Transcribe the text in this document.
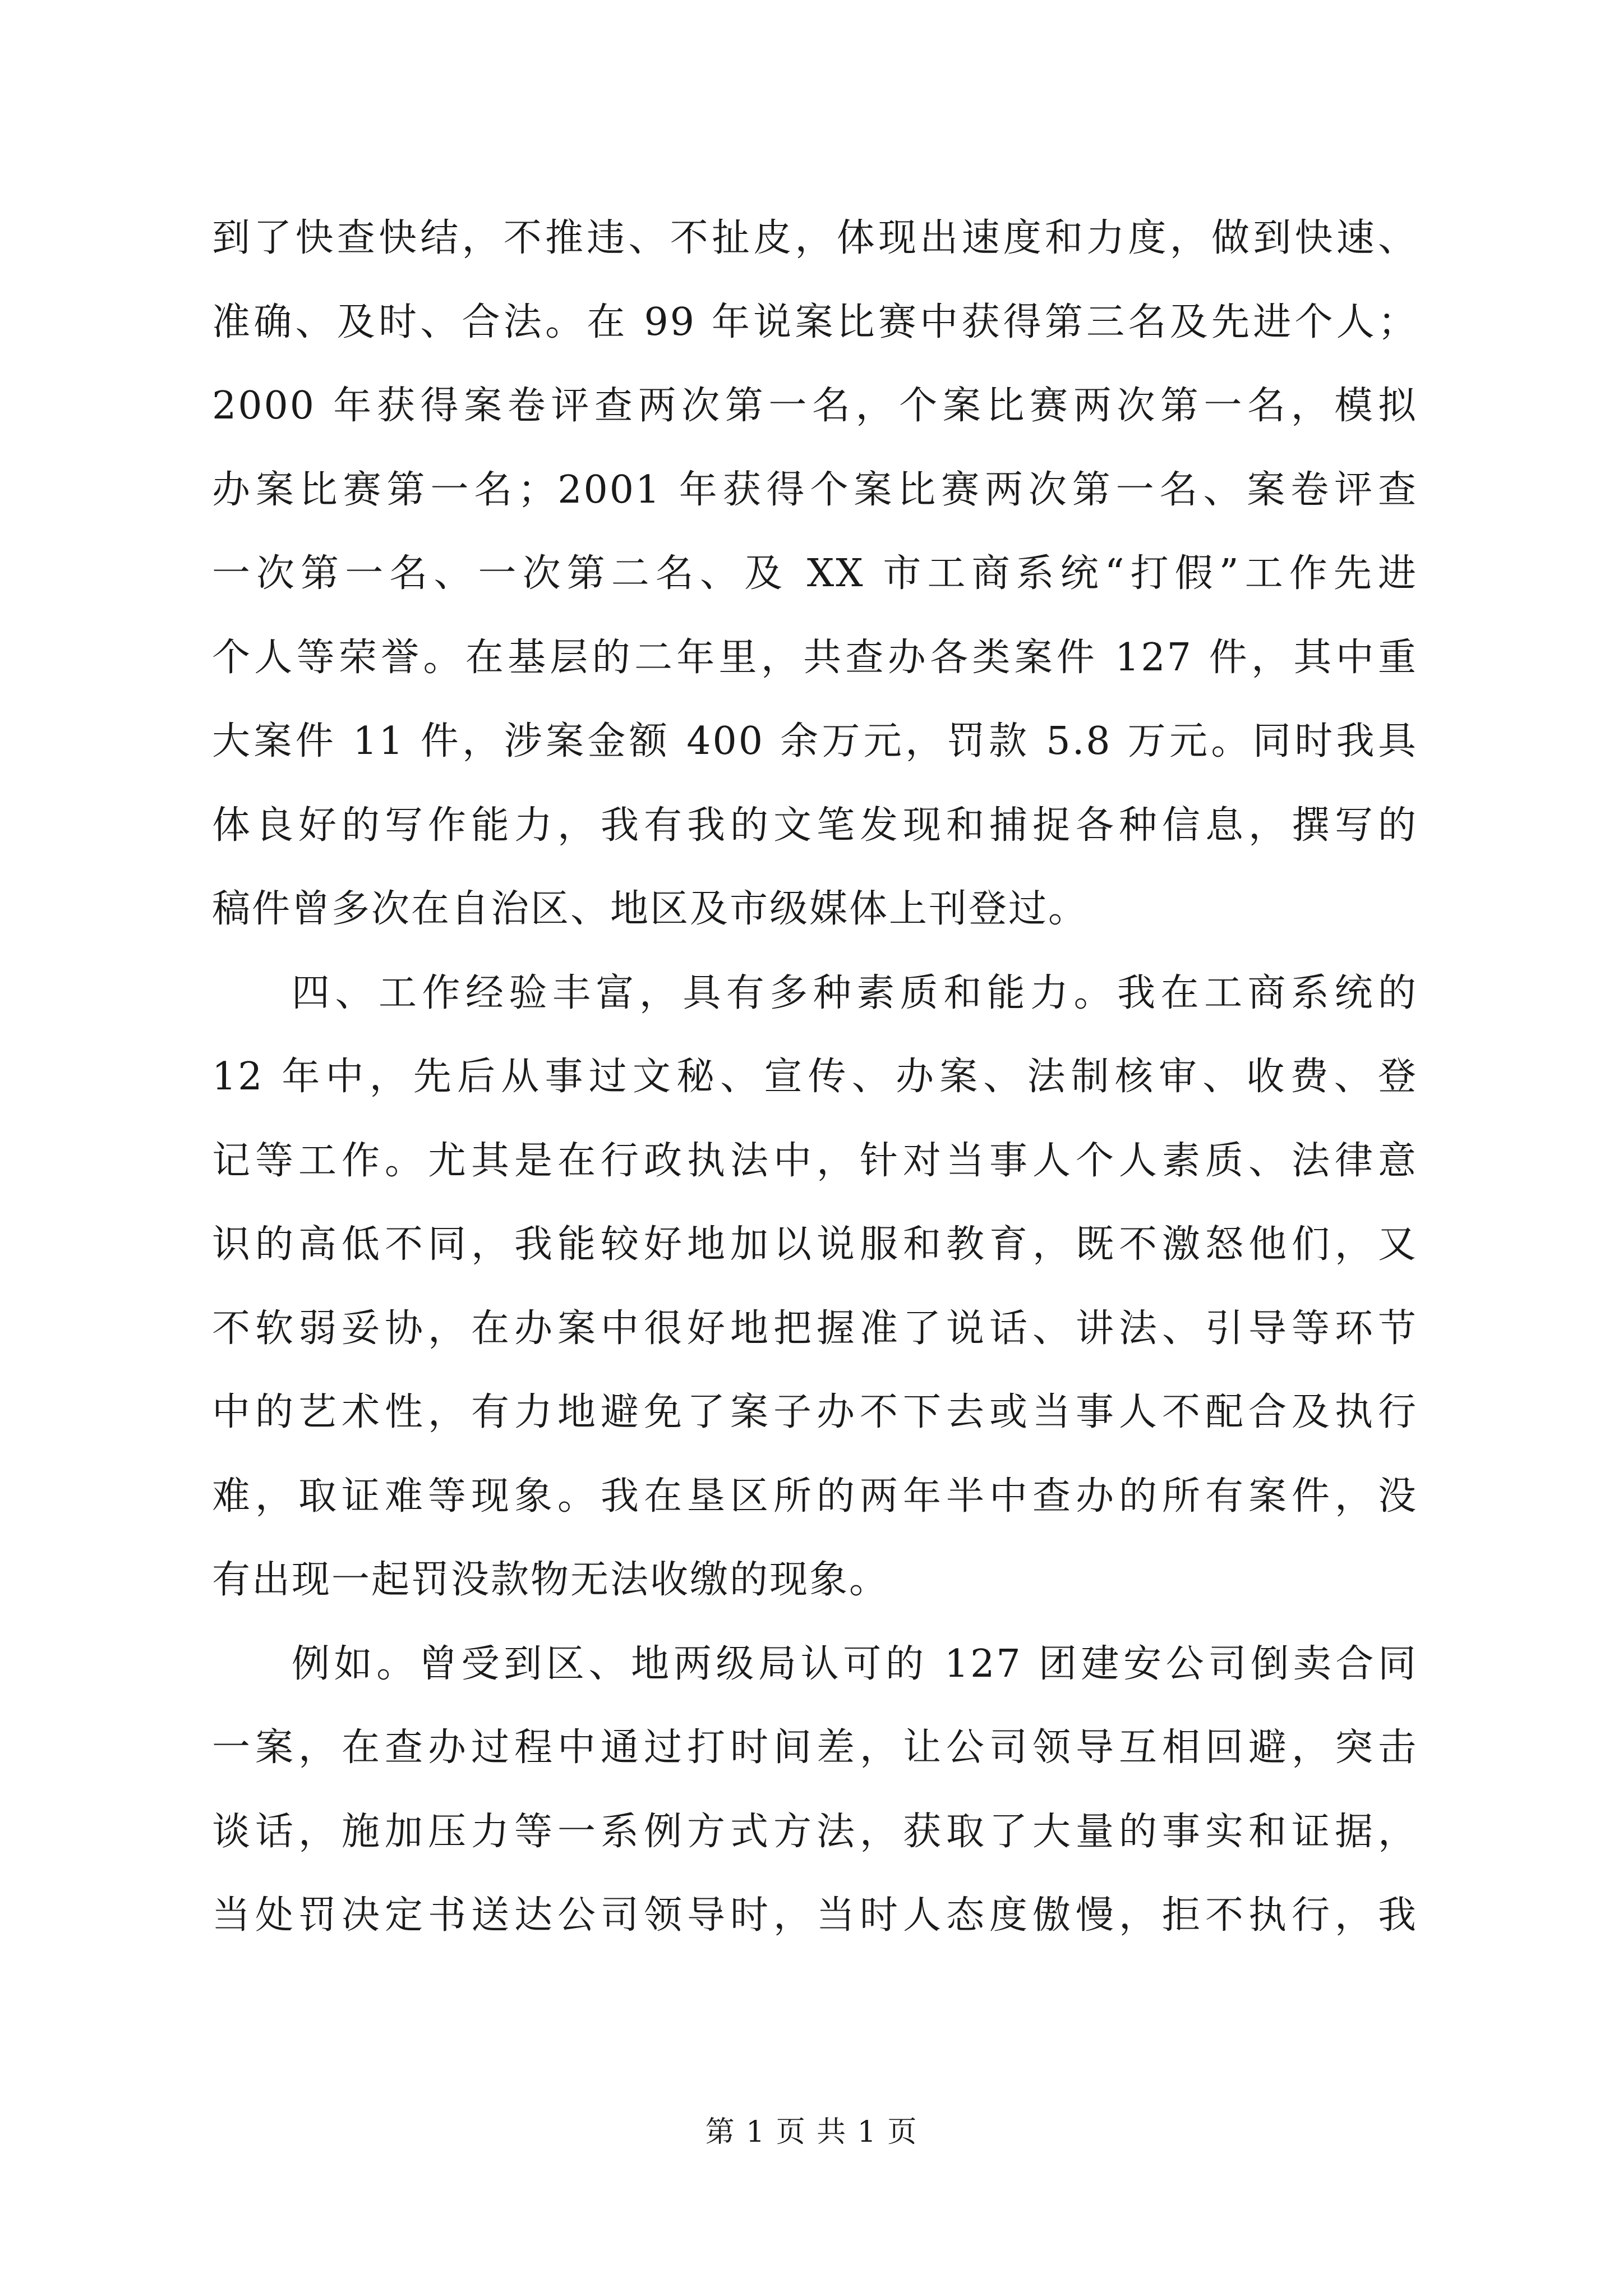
到了快查快结，不推违、不扯皮，体现出速度和力度，做到快速、
准确、及时、合法。在 99 年说案比赛中获得第三名及先进个人；
2000 年获得案卷评查两次第一名，个案比赛两次第一名，模拟
办案比赛第一名；2001 年获得个案比赛两次第一名、案卷评查
一次第一名、一次第二名、及 XX 市工商系统“打假”工作先进
个人等荣誉。在基层的二年里，共查办各类案件 127 件，其中重
大案件 11 件，涉案金额 400 余万元，罚款 5.8 万元。同时我具
体良好的写作能力，我有我的文笔发现和捕捉各种信息，撰写的
稿件曾多次在自治区、地区及市级媒体上刊登过。
四、工作经验丰富，具有多种素质和能力。我在工商系统的
12 年中，先后从事过文秘、宣传、办案、法制核审、收费、登
记等工作。尤其是在行政执法中，针对当事人个人素质、法律意
识的高低不同，我能较好地加以说服和教育，既不激怒他们，又
不软弱妥协，在办案中很好地把握准了说话、讲法、引导等环节
中的艺术性，有力地避免了案子办不下去或当事人不配合及执行
难，取证难等现象。我在垦区所的两年半中查办的所有案件，没
有出现一起罚没款物无法收缴的现象。
例如。曾受到区、地两级局认可的 127 团建安公司倒卖合同
一案，在查办过程中通过打时间差，让公司领导互相回避，突击
谈话，施加压力等一系例方式方法，获取了大量的事实和证据，
当处罚决定书送达公司领导时，当时人态度傲慢，拒不执行，我
第 1 页 共 1 页
